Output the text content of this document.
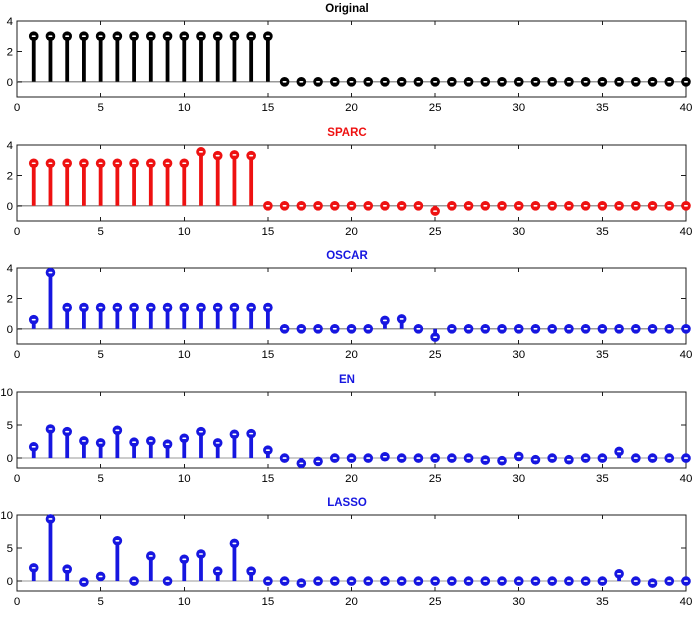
Original
0	5	10	15	20	25	30	35	40
0
2
4
SPARC
0	5	10	15	20	25	30	35	40
0
2
4
OSCAR
0	5	10	15	20	25	30	35	40
0
2
4
EN
0	5	10	15	20	25	30	35	40
0
5
10
LASSO
0	5	10	15	20	25	30	35	40
0
5
10
